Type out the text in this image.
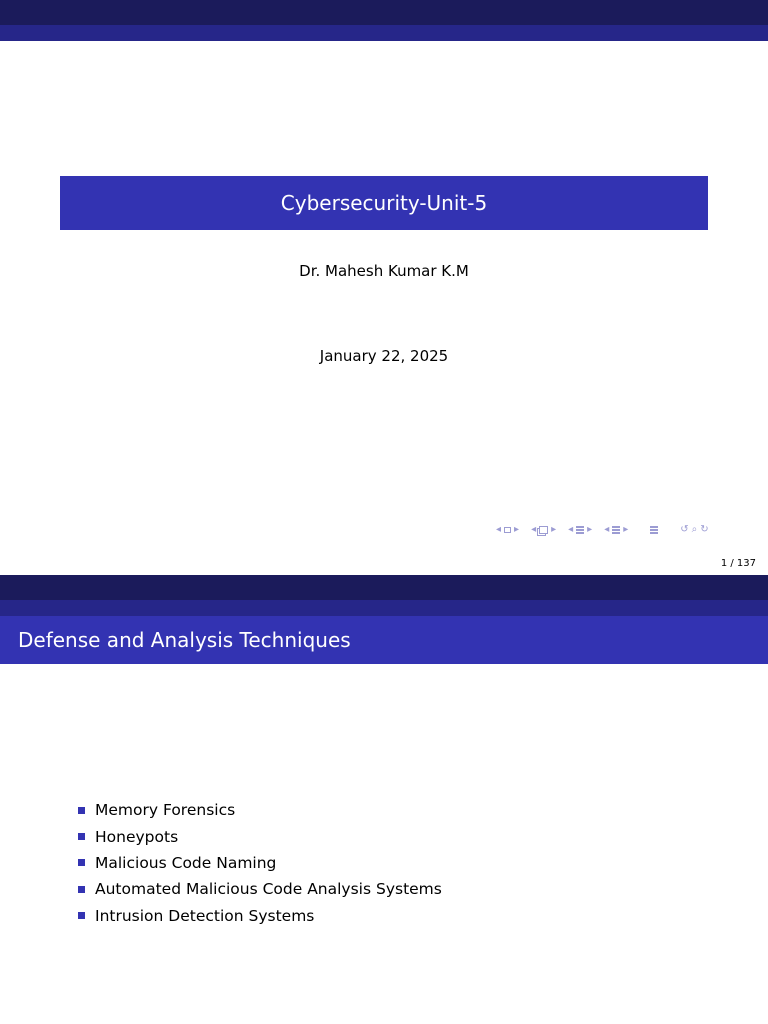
Cybersecurity-Unit-5
Dr. Mahesh Kumar K.M
January 22, 2025
◂ ▸ ◂ ▸ ◂ ▸ ◂ ▸	↺ ⌕ ↻
1 / 137
Defense and Analysis Techniques
Memory Forensics
Honeypots
Malicious Code Naming
Automated Malicious Code Analysis Systems
Intrusion Detection Systems
